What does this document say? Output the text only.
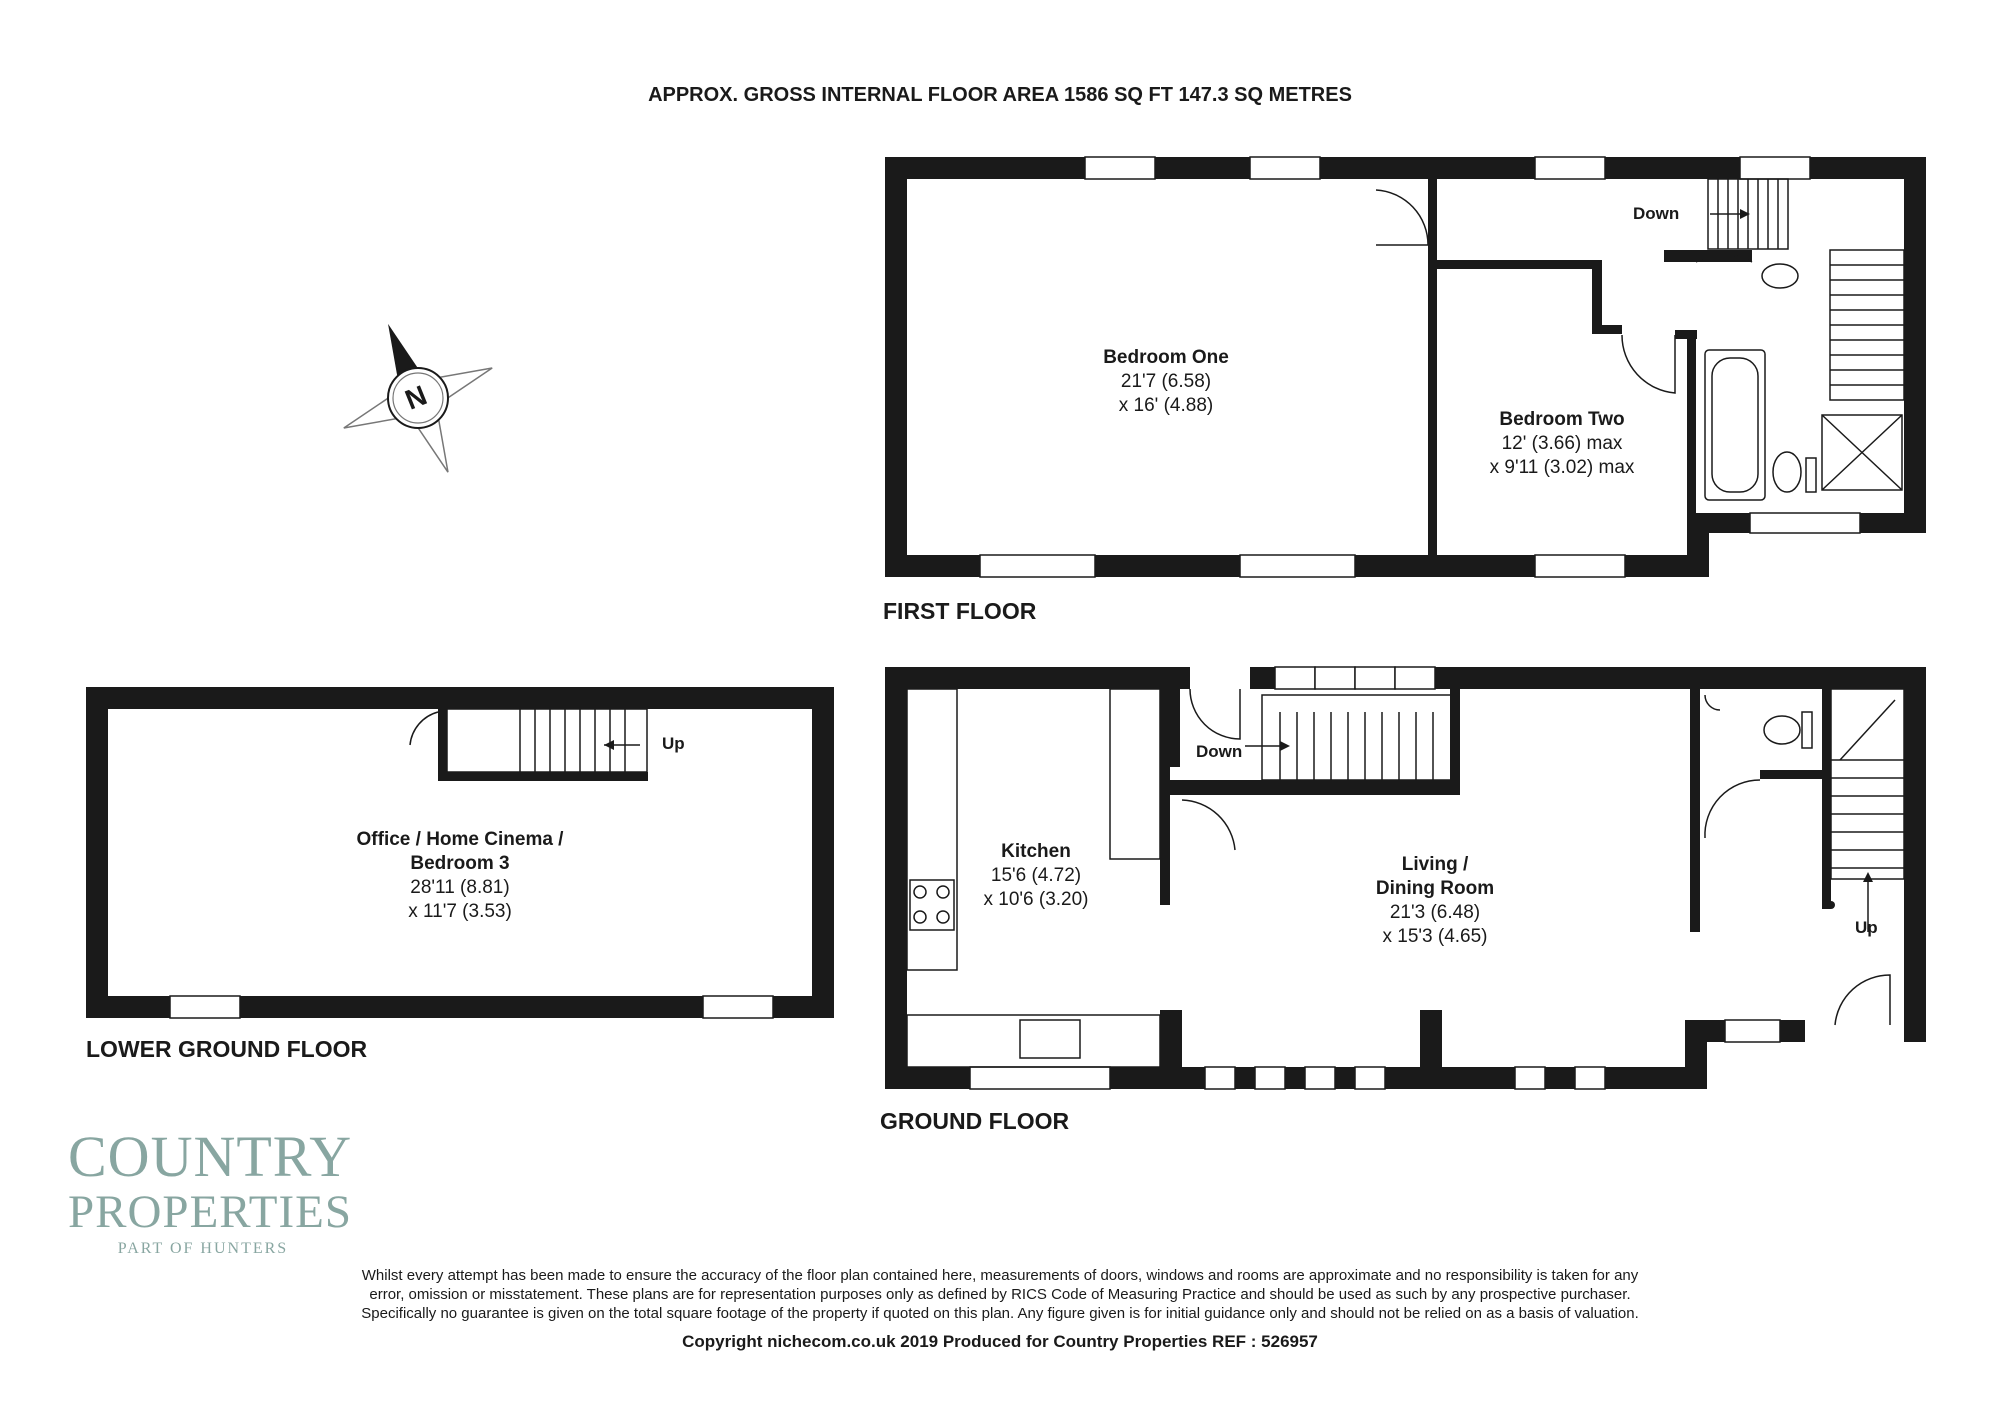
APPROX. GROSS INTERNAL FLOOR AREA 1586 SQ FT 147.3 SQ METRES
N
Bedroom One
21'7 (6.58)
x 16' (4.88)
Bedroom Two
12' (3.66) max
x 9'11 (3.02) max
Down
FIRST FLOOR
Office / Home Cinema /
Bedroom 3
28'11 (8.81)
x 11'7 (3.53)
Up
LOWER GROUND FLOOR
Kitchen
15'6 (4.72)
x 10'6 (3.20)
Living /
Dining Room
21'3 (6.48)
x 15'3 (4.65)
Down
Up
GROUND FLOOR
COUNTRY
PROPERTIES
PART OF HUNTERS
Whilst every attempt has been made to ensure the accuracy of the floor plan contained here, measurements of doors, windows and rooms are approximate and no responsibility is taken for any
error, omission or misstatement. These plans are for representation purposes only as defined by RICS Code of Measuring Practice and should be used as such by any prospective purchaser.
Specifically no guarantee is given on the total square footage of the property if quoted on this plan. Any figure given is for initial guidance only and should not be relied on as a basis of valuation.
Copyright nichecom.co.uk 2019 Produced for Country Properties REF : 526957
